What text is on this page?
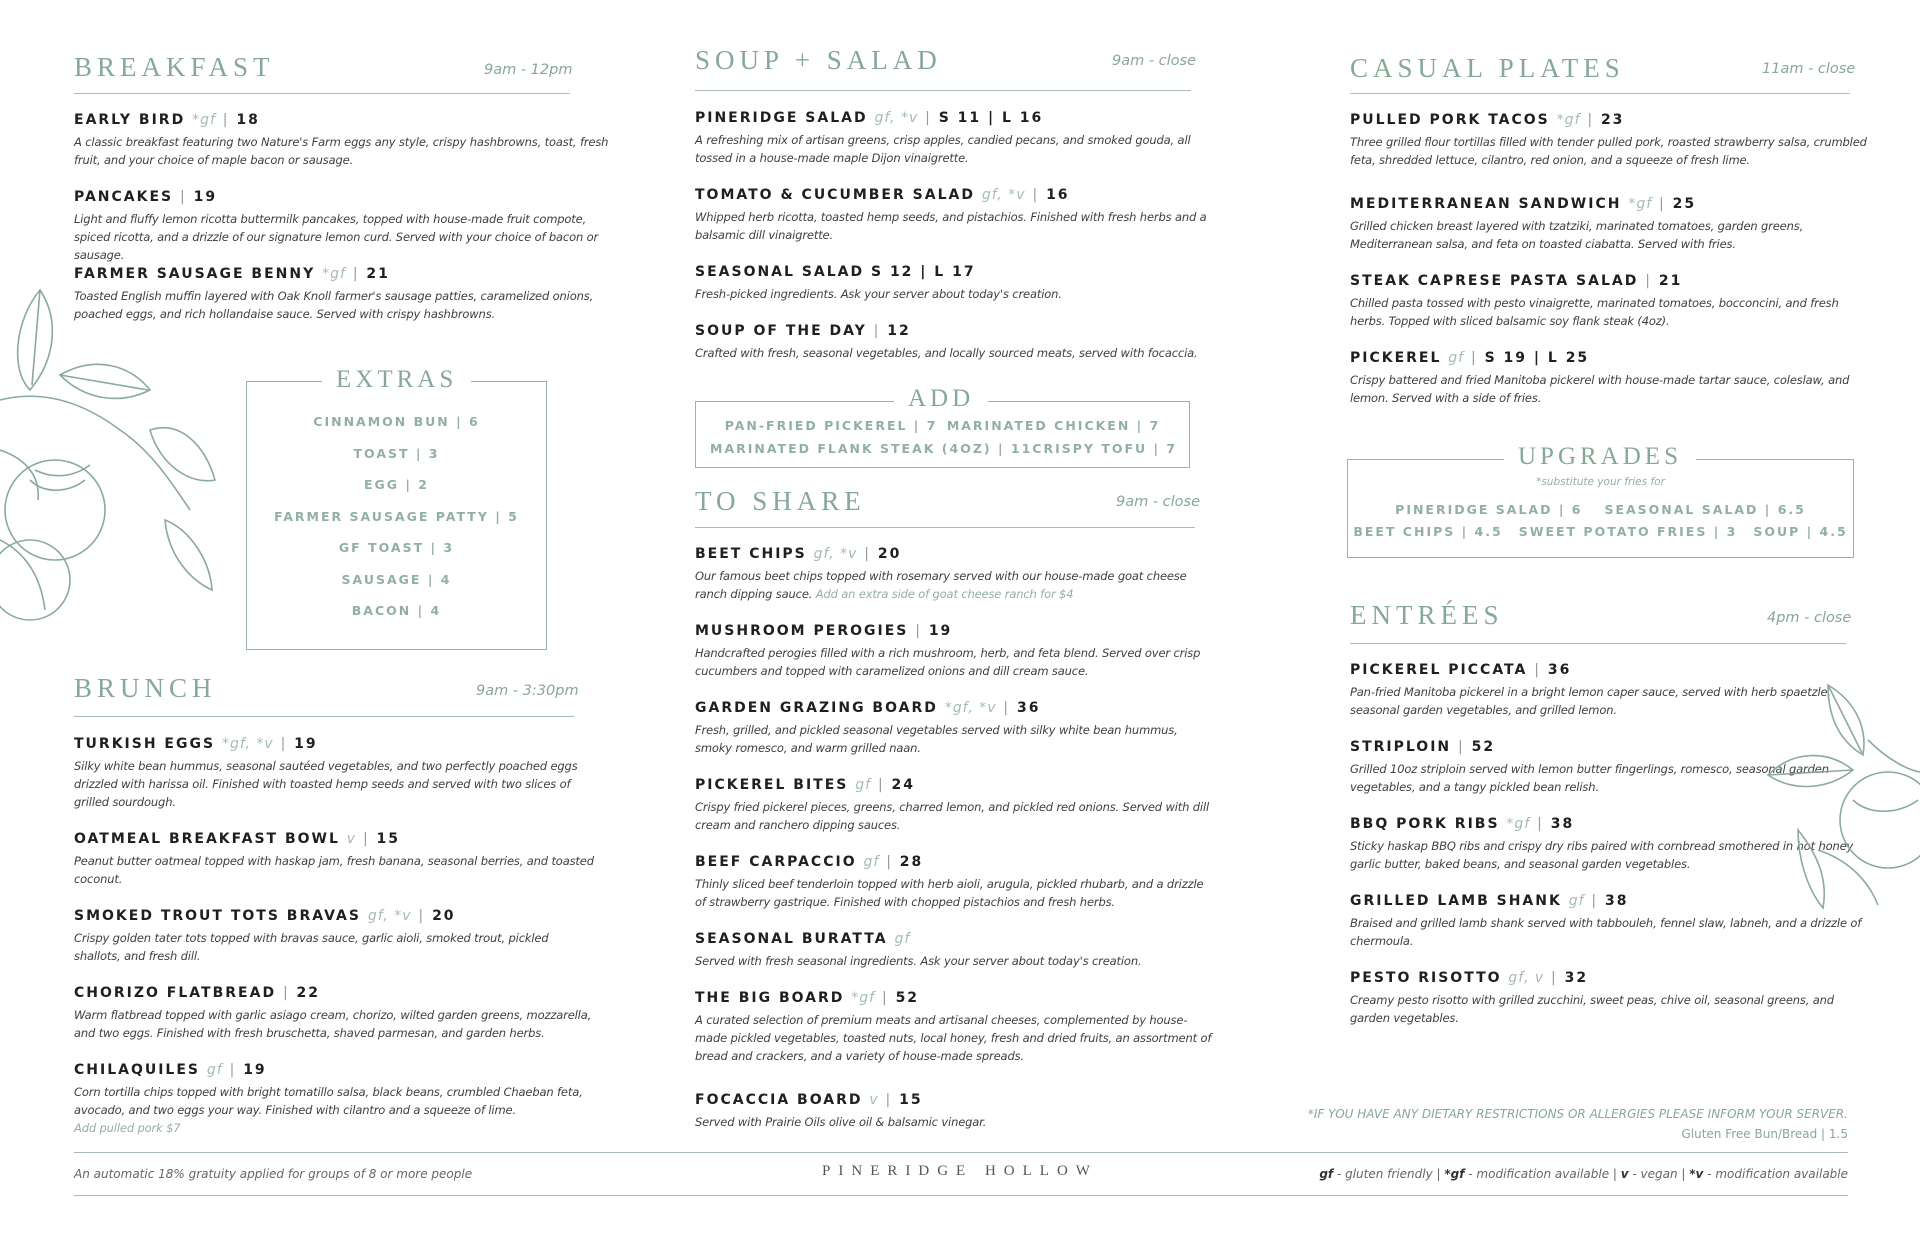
BREAKFAST	9am - 12pm
EARLY BIRD *gf | 18
A classic breakfast featuring two Nature's Farm eggs any style, crispy hashbrowns, toast, fresh fruit, and your choice of maple bacon or sausage.
PANCAKES | 19
Light and fluffy lemon ricotta buttermilk pancakes, topped with house-made fruit compote, spiced ricotta, and a drizzle of our signature lemon curd. Served with your choice of bacon or sausage.
FARMER SAUSAGE BENNY *gf | 21
Toasted English muffin layered with Oak Knoll farmer's sausage patties, caramelized onions, poached eggs, and rich hollandaise sauce. Served with crispy hashbrowns.
EXTRAS
CINNAMON BUN | 6
TOAST | 3
EGG | 2
FARMER SAUSAGE PATTY | 5
GF TOAST | 3
SAUSAGE | 4
BACON | 4
BRUNCH	9am - 3:30pm
TURKISH EGGS *gf, *v | 19
Silky white bean hummus, seasonal sautéed vegetables, and two perfectly poached eggs drizzled with harissa oil. Finished with toasted hemp seeds and served with two slices of grilled sourdough.
OATMEAL BREAKFAST BOWL v | 15
Peanut butter oatmeal topped with haskap jam, fresh banana, seasonal berries, and toasted coconut.
SMOKED TROUT TOTS BRAVAS gf, *v | 20
Crispy golden tater tots topped with bravas sauce, garlic aioli, smoked trout, pickled shallots, and fresh dill.
CHORIZO FLATBREAD | 22
Warm flatbread topped with garlic asiago cream, chorizo, wilted garden greens, mozzarella, and two eggs. Finished with fresh bruschetta, shaved parmesan, and garden herbs.
CHILAQUILES gf | 19
Corn tortilla chips topped with bright tomatillo salsa, black beans, crumbled Chaeban feta, avocado, and two eggs your way. Finished with cilantro and a squeeze of lime.
Add pulled pork $7
SOUP + SALAD	9am - close
PINERIDGE SALAD gf, *v | S 11 | L 16
A refreshing mix of artisan greens, crisp apples, candied pecans, and smoked gouda, all tossed in a house-made maple Dijon vinaigrette.
TOMATO & CUCUMBER SALAD gf, *v | 16
Whipped herb ricotta, toasted hemp seeds, and pistachios. Finished with fresh herbs and a balsamic dill vinaigrette.
SEASONAL SALAD S 12 | L 17
Fresh-picked ingredients. Ask your server about today's creation.
SOUP OF THE DAY | 12
Crafted with fresh, seasonal vegetables, and locally sourced meats, served with focaccia.
ADD
PAN-FRIED PICKEREL | 7 MARINATED CHICKEN | 7
MARINATED FLANK STEAK (4OZ) | 11 CRISPY TOFU | 7
TO SHARE	9am - close
BEET CHIPS gf, *v | 20
Our famous beet chips topped with rosemary served with our house-made goat cheese ranch dipping sauce. Add an extra side of goat cheese ranch for $4
MUSHROOM PEROGIES | 19
Handcrafted perogies filled with a rich mushroom, herb, and feta blend. Served over crisp cucumbers and topped with caramelized onions and dill cream sauce.
GARDEN GRAZING BOARD *gf, *v | 36
Fresh, grilled, and pickled seasonal vegetables served with silky white bean hummus, smoky romesco, and warm grilled naan.
PICKEREL BITES gf | 24
Crispy fried pickerel pieces, greens, charred lemon, and pickled red onions. Served with dill cream and ranchero dipping sauces.
BEEF CARPACCIO gf | 28
Thinly sliced beef tenderloin topped with herb aioli, arugula, pickled rhubarb, and a drizzle of strawberry gastrique. Finished with chopped pistachios and fresh herbs.
SEASONAL BURATTA gf
Served with fresh seasonal ingredients. Ask your server about today's creation.
THE BIG BOARD *gf | 52
A curated selection of premium meats and artisanal cheeses, complemented by house-made pickled vegetables, toasted nuts, local honey, fresh and dried fruits, an assortment of bread and crackers, and a variety of house-made spreads.
FOCACCIA BOARD v | 15
Served with Prairie Oils olive oil & balsamic vinegar.
CASUAL PLATES	11am - close
PULLED PORK TACOS *gf | 23
Three grilled flour tortillas filled with tender pulled pork, roasted strawberry salsa, crumbled feta, shredded lettuce, cilantro, red onion, and a squeeze of fresh lime.
MEDITERRANEAN SANDWICH *gf | 25
Grilled chicken breast layered with tzatziki, marinated tomatoes, garden greens, Mediterranean salsa, and feta on toasted ciabatta. Served with fries.
STEAK CAPRESE PASTA SALAD | 21
Chilled pasta tossed with pesto vinaigrette, marinated tomatoes, bocconcini, and fresh herbs. Topped with sliced balsamic soy flank steak (4oz).
PICKEREL gf | S 19 | L 25
Crispy battered and fried Manitoba pickerel with house-made tartar sauce, coleslaw, and lemon. Served with a side of fries.
UPGRADES
*substitute your fries for
PINERIDGE SALAD | 6 SEASONAL SALAD | 6.5
BEET CHIPS | 4.5 SWEET POTATO FRIES | 3 SOUP | 4.5
ENTRÉES	4pm - close
PICKEREL PICCATA | 36
Pan-fried Manitoba pickerel in a bright lemon caper sauce, served with herb spaetzle, seasonal garden vegetables, and grilled lemon.
STRIPLOIN | 52
Grilled 10oz striploin served with lemon butter fingerlings, romesco, seasonal garden vegetables, and a tangy pickled bean relish.
BBQ PORK RIBS *gf | 38
Sticky haskap BBQ ribs and crispy dry ribs paired with cornbread smothered in hot honey garlic butter, baked beans, and seasonal garden vegetables.
GRILLED LAMB SHANK gf | 38
Braised and grilled lamb shank served with tabbouleh, fennel slaw, labneh, and a drizzle of chermoula.
PESTO RISOTTO gf, v | 32
Creamy pesto risotto with grilled zucchini, sweet peas, chive oil, seasonal greens, and garden vegetables.
*IF YOU HAVE ANY DIETARY RESTRICTIONS OR ALLERGIES PLEASE INFORM YOUR SERVER.
Gluten Free Bun/Bread | 1.5
An automatic 18% gratuity applied for groups of 8 or more people	PINERIDGE HOLLOW	gf - gluten friendly | *gf - modification available | v - vegan | *v - modification available
